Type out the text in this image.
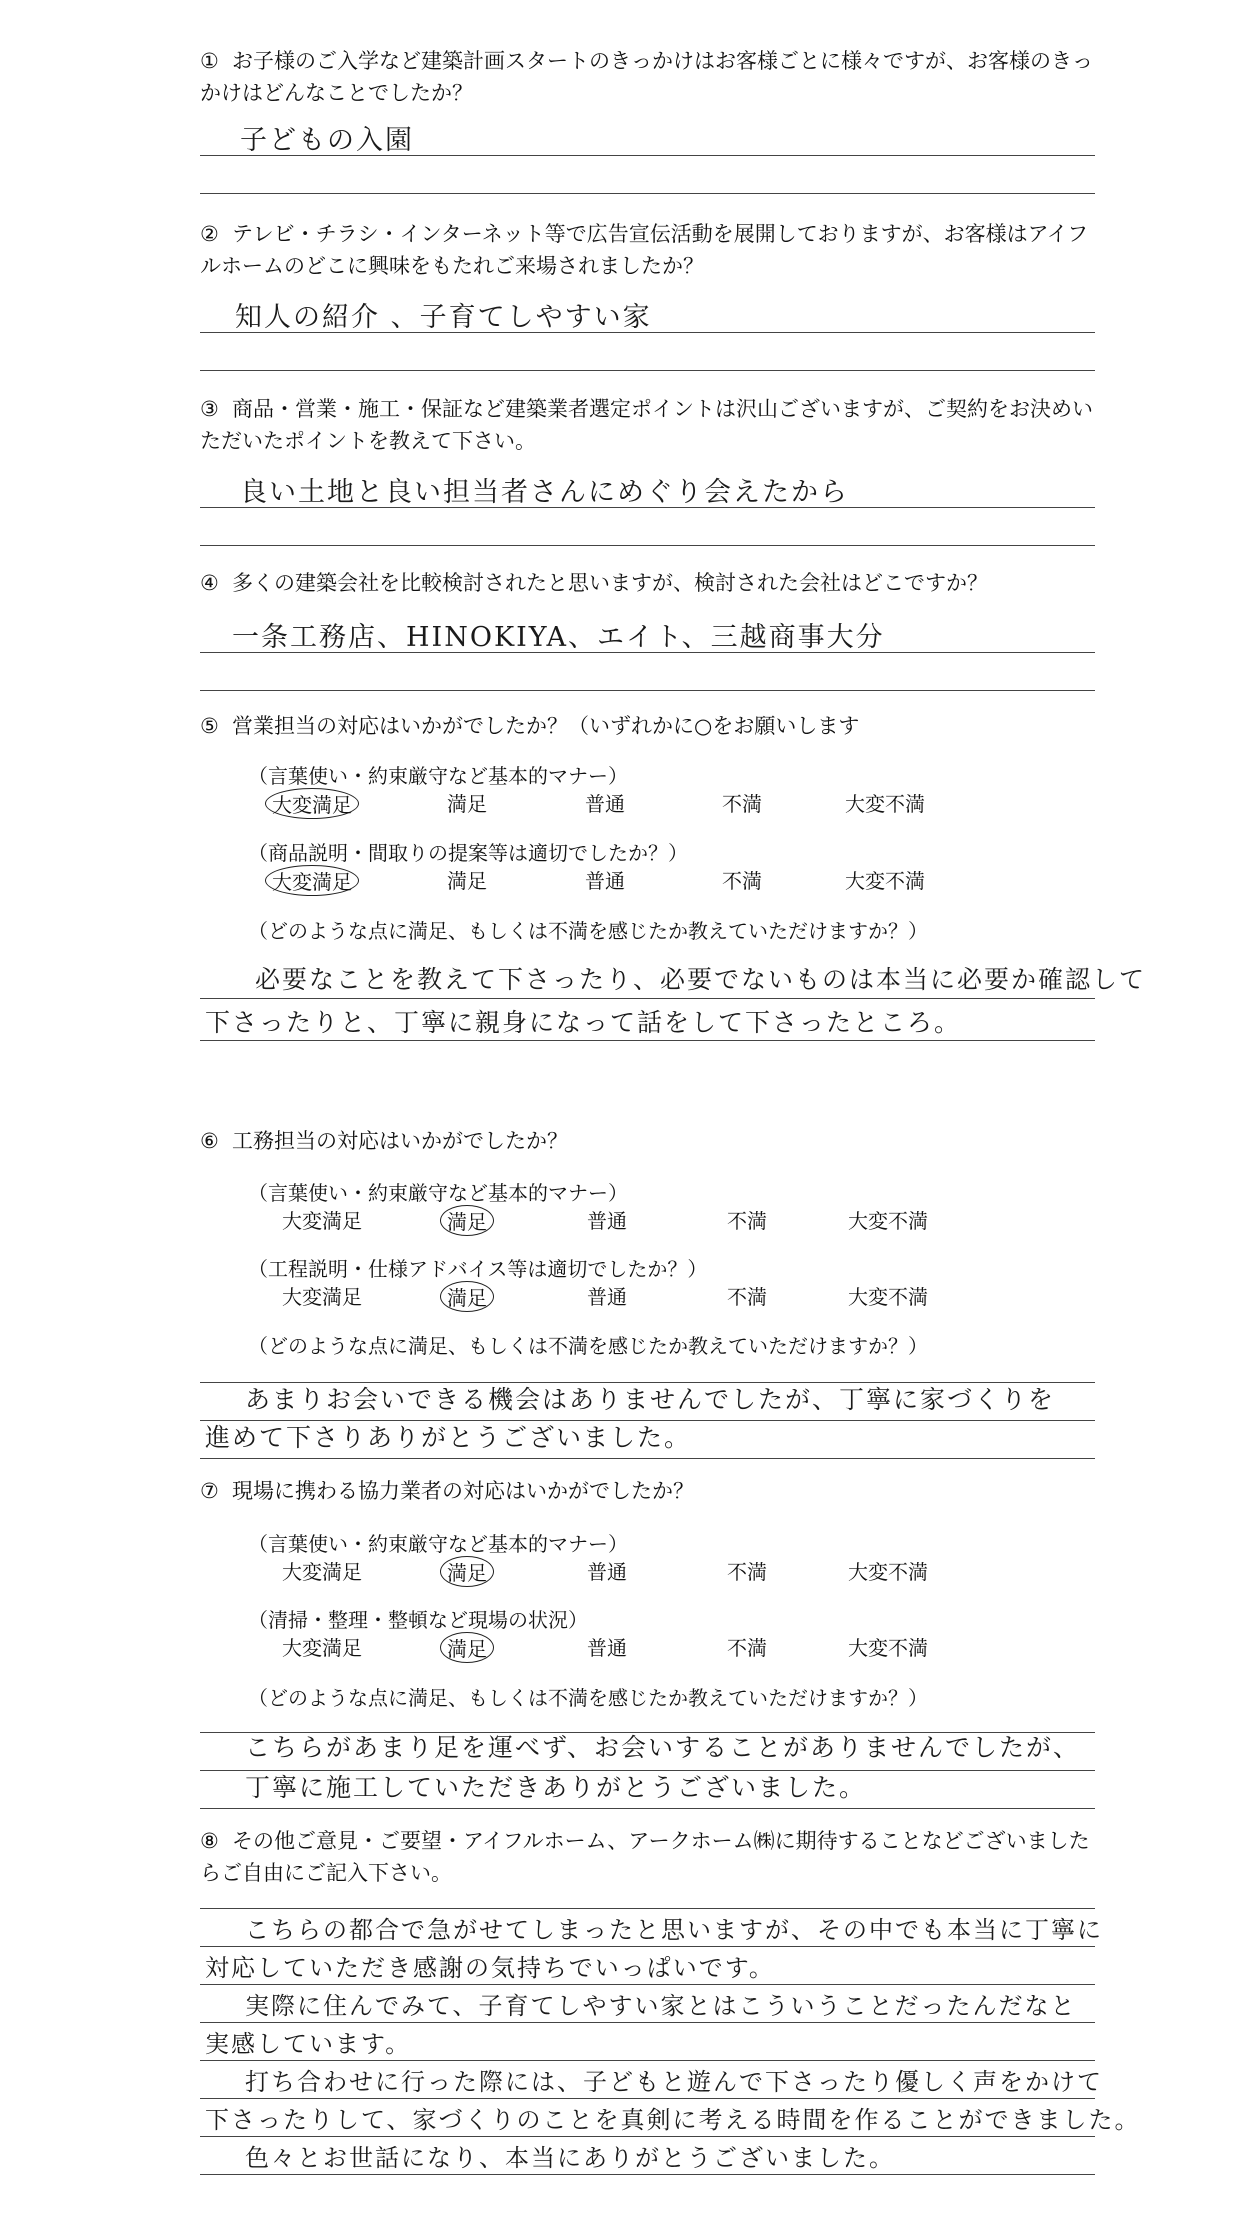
① お子様のご入学など建築計画スタートのきっかけはお客様ごとに様々ですが、お客様のきっかけはどんなことでしたか？
子どもの入園
② テレビ・チラシ・インターネット等で広告宣伝活動を展開しておりますが、お客様はアイフルホームのどこに興味をもたれご来場されましたか？
知人の紹介 、子育てしやすい家
③ 商品・営業・施工・保証など建築業者選定ポイントは沢山ございますが、ご契約をお決めいただいたポイントを教えて下さい。
良い土地と良い担当者さんにめぐり会えたから
④ 多くの建築会社を比較検討されたと思いますが、検討された会社はどこですか？
一条工務店、HINOKIYA、エイト、三越商事大分
⑤ 営業担当の対応はいかがでしたか？（いずれかに○をお願いします
（言葉使い・約束厳守など基本的マナー）
大変満足	満足	普通	不満	大変不満
（商品説明・間取りの提案等は適切でしたか？）
大変満足	満足	普通	不満	大変不満
（どのような点に満足、もしくは不満を感じたか教えていただけますか？）
必要なことを教えて下さったり、必要でないものは本当に必要か確認して
下さったりと、丁寧に親身になって話をして下さったところ。
⑥ 工務担当の対応はいかがでしたか？
（言葉使い・約束厳守など基本的マナー）
大変満足	満足	普通	不満	大変不満
（工程説明・仕様アドバイス等は適切でしたか？）
大変満足	満足	普通	不満	大変不満
（どのような点に満足、もしくは不満を感じたか教えていただけますか？）
あまりお会いできる機会はありませんでしたが、丁寧に家づくりを
進めて下さりありがとうございました。
⑦ 現場に携わる協力業者の対応はいかがでしたか？
（言葉使い・約束厳守など基本的マナー）
大変満足	満足	普通	不満	大変不満
（清掃・整理・整頓など現場の状況）
大変満足	満足	普通	不満	大変不満
（どのような点に満足、もしくは不満を感じたか教えていただけますか？）
こちらがあまり足を運べず、お会いすることがありませんでしたが、
丁寧に施工していただきありがとうございました。
⑧ その他ご意見・ご要望・アイフルホーム、アークホーム㈱に期待することなどございましたらご自由にご記入下さい。
こちらの都合で急がせてしまったと思いますが、その中でも本当に丁寧に
対応していただき感謝の気持ちでいっぱいです。
実際に住んでみて、子育てしやすい家とはこういうことだったんだなと
実感しています。
打ち合わせに行った際には、子どもと遊んで下さったり優しく声をかけて
下さったりして、家づくりのことを真剣に考える時間を作ることができました。
色々とお世話になり、本当にありがとうございました。
